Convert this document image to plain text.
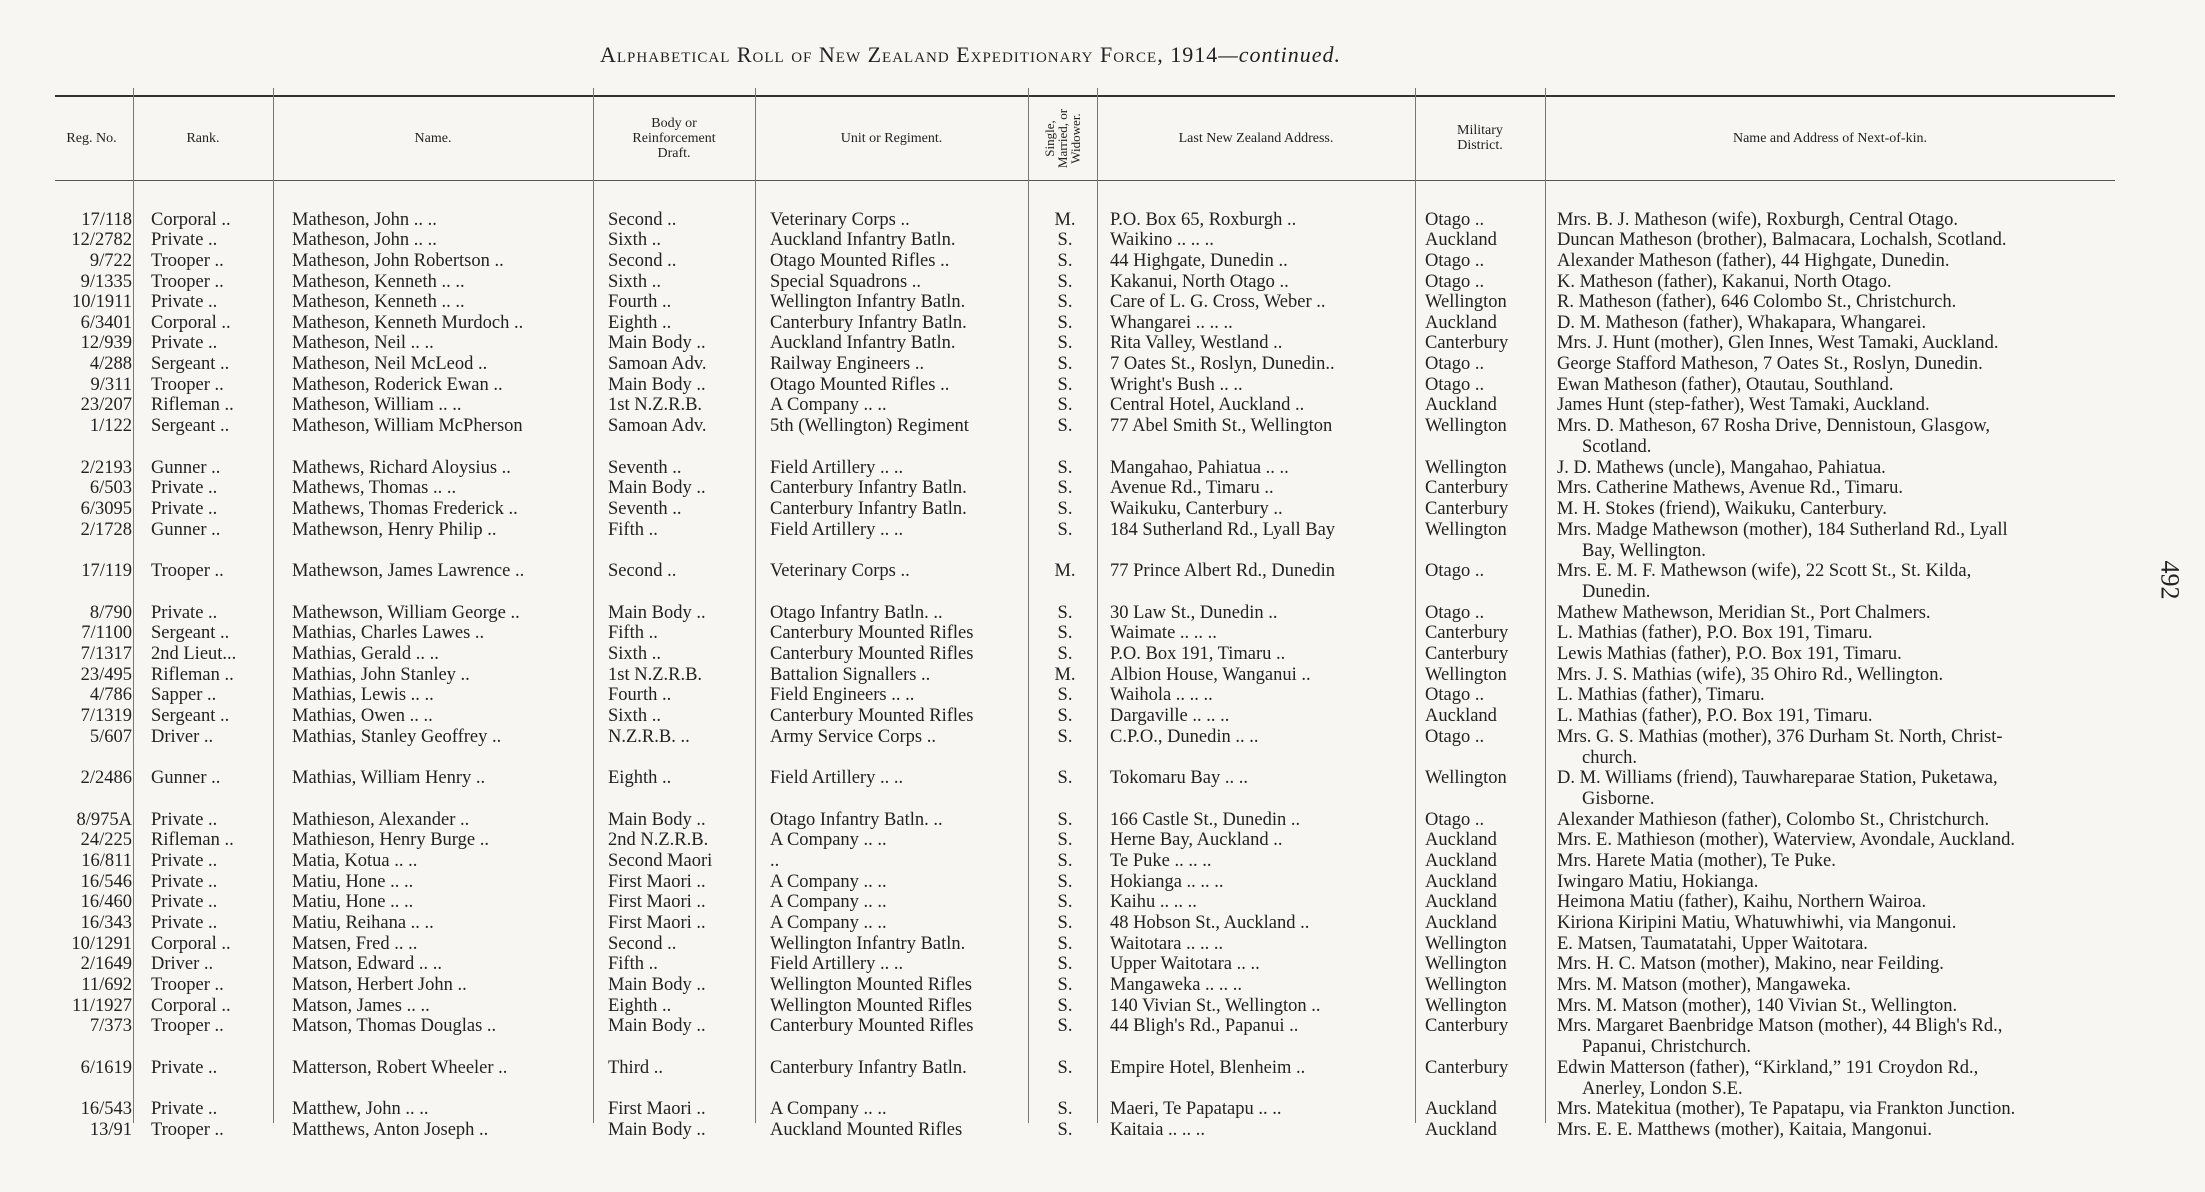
Alphabetical Roll of New Zealand Expeditionary Force, 1914—continued.
492
Reg. No.	Rank.	Name.
Body or
Reinforcement
Draft.
Unit or Regiment.	Single,
Married, or
Widower.	Last New Zealand Address.	Military
District.	Name and Address of Next-of-kin.
17/118 Corporal ..	Matheson, John .. ..	Second ..	Veterinary Corps ..	M.	P.O. Box 65, Roxburgh ..	Otago ..	Mrs. B. J. Matheson (wife), Roxburgh, Central Otago.
12/2782 Private ..	Matheson, John .. ..	Sixth ..	Auckland Infantry Batln.	S.	Waikino .. .. ..	Auckland	Duncan Matheson (brother), Balmacara, Lochalsh, Scotland.
9/722 Trooper ..	Matheson, John Robertson ..	Second ..	Otago Mounted Rifles ..	S.	44 Highgate, Dunedin ..	Otago ..	Alexander Matheson (father), 44 Highgate, Dunedin.
9/1335 Trooper ..	Matheson, Kenneth .. ..	Sixth ..	Special Squadrons ..	S.	Kakanui, North Otago ..	Otago ..	K. Matheson (father), Kakanui, North Otago.
10/1911 Private ..	Matheson, Kenneth .. ..	Fourth ..	Wellington Infantry Batln.	S.	Care of L. G. Cross, Weber ..	Wellington	R. Matheson (father), 646 Colombo St., Christchurch.
6/3401 Corporal ..	Matheson, Kenneth Murdoch ..	Eighth ..	Canterbury Infantry Batln.	S.	Whangarei .. .. ..	Auckland	D. M. Matheson (father), Whakapara, Whangarei.
12/939 Private ..	Matheson, Neil .. ..	Main Body ..	Auckland Infantry Batln.	S.	Rita Valley, Westland ..	Canterbury	Mrs. J. Hunt (mother), Glen Innes, West Tamaki, Auckland.
4/288 Sergeant ..	Matheson, Neil McLeod ..	Samoan Adv.	Railway Engineers ..	S.	7 Oates St., Roslyn, Dunedin..	Otago ..	George Stafford Matheson, 7 Oates St., Roslyn, Dunedin.
9/311 Trooper ..	Matheson, Roderick Ewan ..	Main Body ..	Otago Mounted Rifles ..	S.	Wright's Bush .. ..	Otago ..	Ewan Matheson (father), Otautau, Southland.
23/207 Rifleman ..	Matheson, William .. ..	1st N.Z.R.B.	A Company .. ..	S.	Central Hotel, Auckland ..	Auckland	James Hunt (step-father), West Tamaki, Auckland.
1/122 Sergeant ..	Matheson, William McPherson	Samoan Adv.	5th (Wellington) Regiment	S.	77 Abel Smith St., Wellington	Wellington	Mrs. D. Matheson, 67 Rosha Drive, Dennistoun, Glasgow,
Scotland.
2/2193 Gunner ..	Mathews, Richard Aloysius ..	Seventh ..	Field Artillery .. ..	S.	Mangahao, Pahiatua .. ..	Wellington	J. D. Mathews (uncle), Mangahao, Pahiatua.
6/503 Private ..	Mathews, Thomas .. ..	Main Body ..	Canterbury Infantry Batln.	S.	Avenue Rd., Timaru ..	Canterbury	Mrs. Catherine Mathews, Avenue Rd., Timaru.
6/3095 Private ..	Mathews, Thomas Frederick ..	Seventh ..	Canterbury Infantry Batln.	S.	Waikuku, Canterbury ..	Canterbury	M. H. Stokes (friend), Waikuku, Canterbury.
2/1728 Gunner ..	Mathewson, Henry Philip ..	Fifth ..	Field Artillery .. ..	S.	184 Sutherland Rd., Lyall Bay	Wellington	Mrs. Madge Mathewson (mother), 184 Sutherland Rd., Lyall
Bay, Wellington.
17/119 Trooper ..	Mathewson, James Lawrence ..	Second ..	Veterinary Corps ..	M.	77 Prince Albert Rd., Dunedin	Otago ..	Mrs. E. M. F. Mathewson (wife), 22 Scott St., St. Kilda,
Dunedin.
8/790 Private ..	Mathewson, William George ..	Main Body ..	Otago Infantry Batln. ..	S.	30 Law St., Dunedin ..	Otago ..	Mathew Mathewson, Meridian St., Port Chalmers.
7/1100 Sergeant ..	Mathias, Charles Lawes ..	Fifth ..	Canterbury Mounted Rifles	S.	Waimate .. .. ..	Canterbury	L. Mathias (father), P.O. Box 191, Timaru.
7/1317 2nd Lieut...	Mathias, Gerald .. ..	Sixth ..	Canterbury Mounted Rifles	S.	P.O. Box 191, Timaru ..	Canterbury	Lewis Mathias (father), P.O. Box 191, Timaru.
23/495 Rifleman ..	Mathias, John Stanley ..	1st N.Z.R.B.	Battalion Signallers ..	M.	Albion House, Wanganui ..	Wellington	Mrs. J. S. Mathias (wife), 35 Ohiro Rd., Wellington.
4/786 Sapper ..	Mathias, Lewis .. ..	Fourth ..	Field Engineers .. ..	S.	Waihola .. .. ..	Otago ..	L. Mathias (father), Timaru.
7/1319 Sergeant ..	Mathias, Owen .. ..	Sixth ..	Canterbury Mounted Rifles	S.	Dargaville .. .. ..	Auckland	L. Mathias (father), P.O. Box 191, Timaru.
5/607 Driver ..	Mathias, Stanley Geoffrey ..	N.Z.R.B. ..	Army Service Corps ..	S.	C.P.O., Dunedin .. ..	Otago ..	Mrs. G. S. Mathias (mother), 376 Durham St. North, Christ-
church.
2/2486 Gunner ..	Mathias, William Henry ..	Eighth ..	Field Artillery .. ..	S.	Tokomaru Bay .. ..	Wellington	D. M. Williams (friend), Tauwhareparae Station, Puketawa,
Gisborne.
8/975A Private ..	Mathieson, Alexander ..	Main Body ..	Otago Infantry Batln. ..	S.	166 Castle St., Dunedin ..	Otago ..	Alexander Mathieson (father), Colombo St., Christchurch.
24/225 Rifleman ..	Mathieson, Henry Burge ..	2nd N.Z.R.B.	A Company .. ..	S.	Herne Bay, Auckland ..	Auckland	Mrs. E. Mathieson (mother), Waterview, Avondale, Auckland.
16/811 Private ..	Matia, Kotua .. ..	Second Maori	..	S.	Te Puke .. .. ..	Auckland	Mrs. Harete Matia (mother), Te Puke.
16/546 Private ..	Matiu, Hone .. ..	First Maori ..	A Company .. ..	S.	Hokianga .. .. ..	Auckland	Iwingaro Matiu, Hokianga.
16/460 Private ..	Matiu, Hone .. ..	First Maori ..	A Company .. ..	S.	Kaihu .. .. ..	Auckland	Heimona Matiu (father), Kaihu, Northern Wairoa.
16/343 Private ..	Matiu, Reihana .. ..	First Maori ..	A Company .. ..	S.	48 Hobson St., Auckland ..	Auckland	Kiriona Kiripini Matiu, Whatuwhiwhi, via Mangonui.
10/1291 Corporal ..	Matsen, Fred .. ..	Second ..	Wellington Infantry Batln.	S.	Waitotara .. .. ..	Wellington	E. Matsen, Taumatatahi, Upper Waitotara.
2/1649 Driver ..	Matson, Edward .. ..	Fifth ..	Field Artillery .. ..	S.	Upper Waitotara .. ..	Wellington	Mrs. H. C. Matson (mother), Makino, near Feilding.
11/692 Trooper ..	Matson, Herbert John ..	Main Body ..	Wellington Mounted Rifles	S.	Mangaweka .. .. ..	Wellington	Mrs. M. Matson (mother), Mangaweka.
11/1927 Corporal ..	Matson, James .. ..	Eighth ..	Wellington Mounted Rifles	S.	140 Vivian St., Wellington ..	Wellington	Mrs. M. Matson (mother), 140 Vivian St., Wellington.
7/373 Trooper ..	Matson, Thomas Douglas ..	Main Body ..	Canterbury Mounted Rifles	S.	44 Bligh's Rd., Papanui ..	Canterbury	Mrs. Margaret Baenbridge Matson (mother), 44 Bligh's Rd.,
Papanui, Christchurch.
6/1619 Private ..	Matterson, Robert Wheeler ..	Third ..	Canterbury Infantry Batln.	S.	Empire Hotel, Blenheim ..	Canterbury	Edwin Matterson (father), “Kirkland,” 191 Croydon Rd.,
Anerley, London S.E.
16/543 Private ..	Matthew, John .. ..	First Maori ..	A Company .. ..	S.	Maeri, Te Papatapu .. ..	Auckland	Mrs. Matekitua (mother), Te Papatapu, via Frankton Junction.
13/91 Trooper ..	Matthews, Anton Joseph ..	Main Body ..	Auckland Mounted Rifles	S.	Kaitaia .. .. ..	Auckland	Mrs. E. E. Matthews (mother), Kaitaia, Mangonui.
